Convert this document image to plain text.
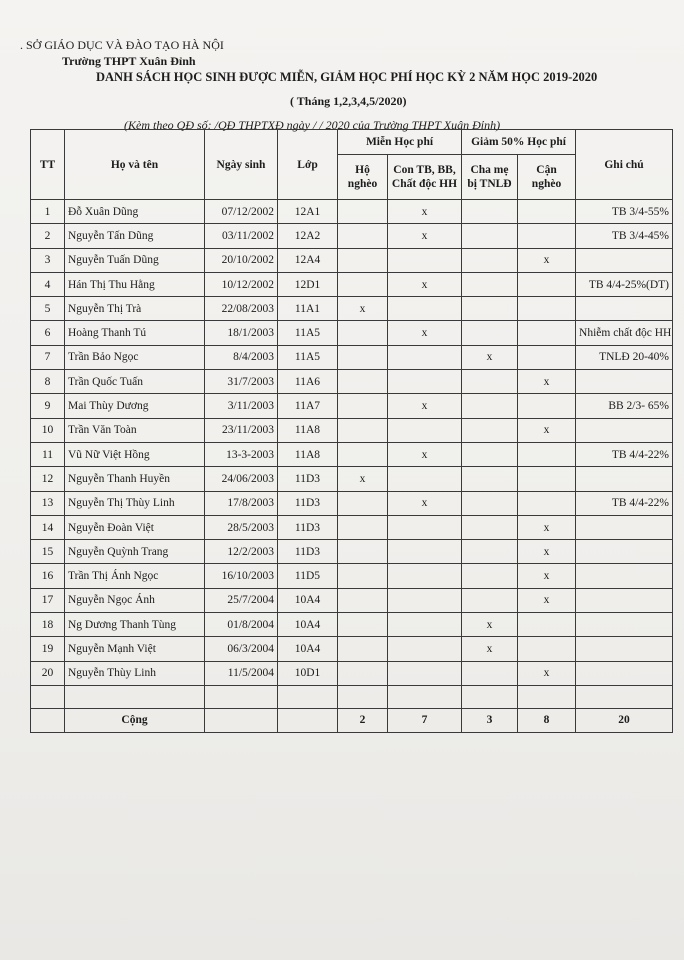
. SỞ GIÁO DỤC VÀ ĐÀO TẠO HÀ NỘI
Trường THPT Xuân Đỉnh
DANH SÁCH HỌC SINH ĐƯỢC MIỄN, GIẢM HỌC PHÍ HỌC KỲ 2 NĂM HỌC 2019-2020
( Tháng 1,2,3,4,5/2020)
(Kèm theo QĐ số: /QĐ THPTXĐ ngày / / 2020 của Trường THPT Xuân Đỉnh)
TT	Họ và tên	Ngày sinh	Lớp	Miễn Học phí		Giảm 50% Học phí		Ghi chú
				Hộ nghèo	Con TB, BB, Chất độc HH	Cha mẹ bị TNLĐ	Cận nghèo	
1	Đỗ Xuân Dũng	07/12/2002	12A1		x			TB 3/4-55%
2	Nguyễn Tấn Dũng	03/11/2002	12A2		x			TB 3/4-45%
3	Nguyễn Tuấn Dũng	20/10/2002	12A4				x	
4	Hán Thị Thu Hằng	10/12/2002	12D1		x			TB 4/4-25%(DT)
5	Nguyễn Thị Trà	22/08/2003	11A1	x				
6	Hoàng Thanh Tú	18/1/2003	11A5		x			Nhiễm chất độc HH
7	Trần Bảo Ngọc	8/4/2003	11A5			x		TNLĐ 20-40%
8	Trần Quốc Tuấn	31/7/2003	11A6				x	
9	Mai Thùy Dương	3/11/2003	11A7		x			BB 2/3- 65%
10	Trần Văn Toàn	23/11/2003	11A8				x	
11	Vũ Nữ Việt Hồng	13-3-2003	11A8		x			TB 4/4-22%
12	Nguyễn Thanh Huyền	24/06/2003	11D3	x				
13	Nguyễn Thị Thùy Linh	17/8/2003	11D3		x			TB 4/4-22%
14	Nguyễn Đoàn Việt	28/5/2003	11D3				x	
15	Nguyễn Quỳnh Trang	12/2/2003	11D3				x	
16	Trần Thị Ánh Ngọc	16/10/2003	11D5				x	
17	Nguyễn Ngọc Ánh	25/7/2004	10A4				x	
18	Ng Dương Thanh Tùng	01/8/2004	10A4			x		
19	Nguyễn Mạnh Việt	06/3/2004	10A4			x		
20	Nguyễn Thùy Linh	11/5/2004	10D1				x	

	Cộng			2	7	3	8	20
